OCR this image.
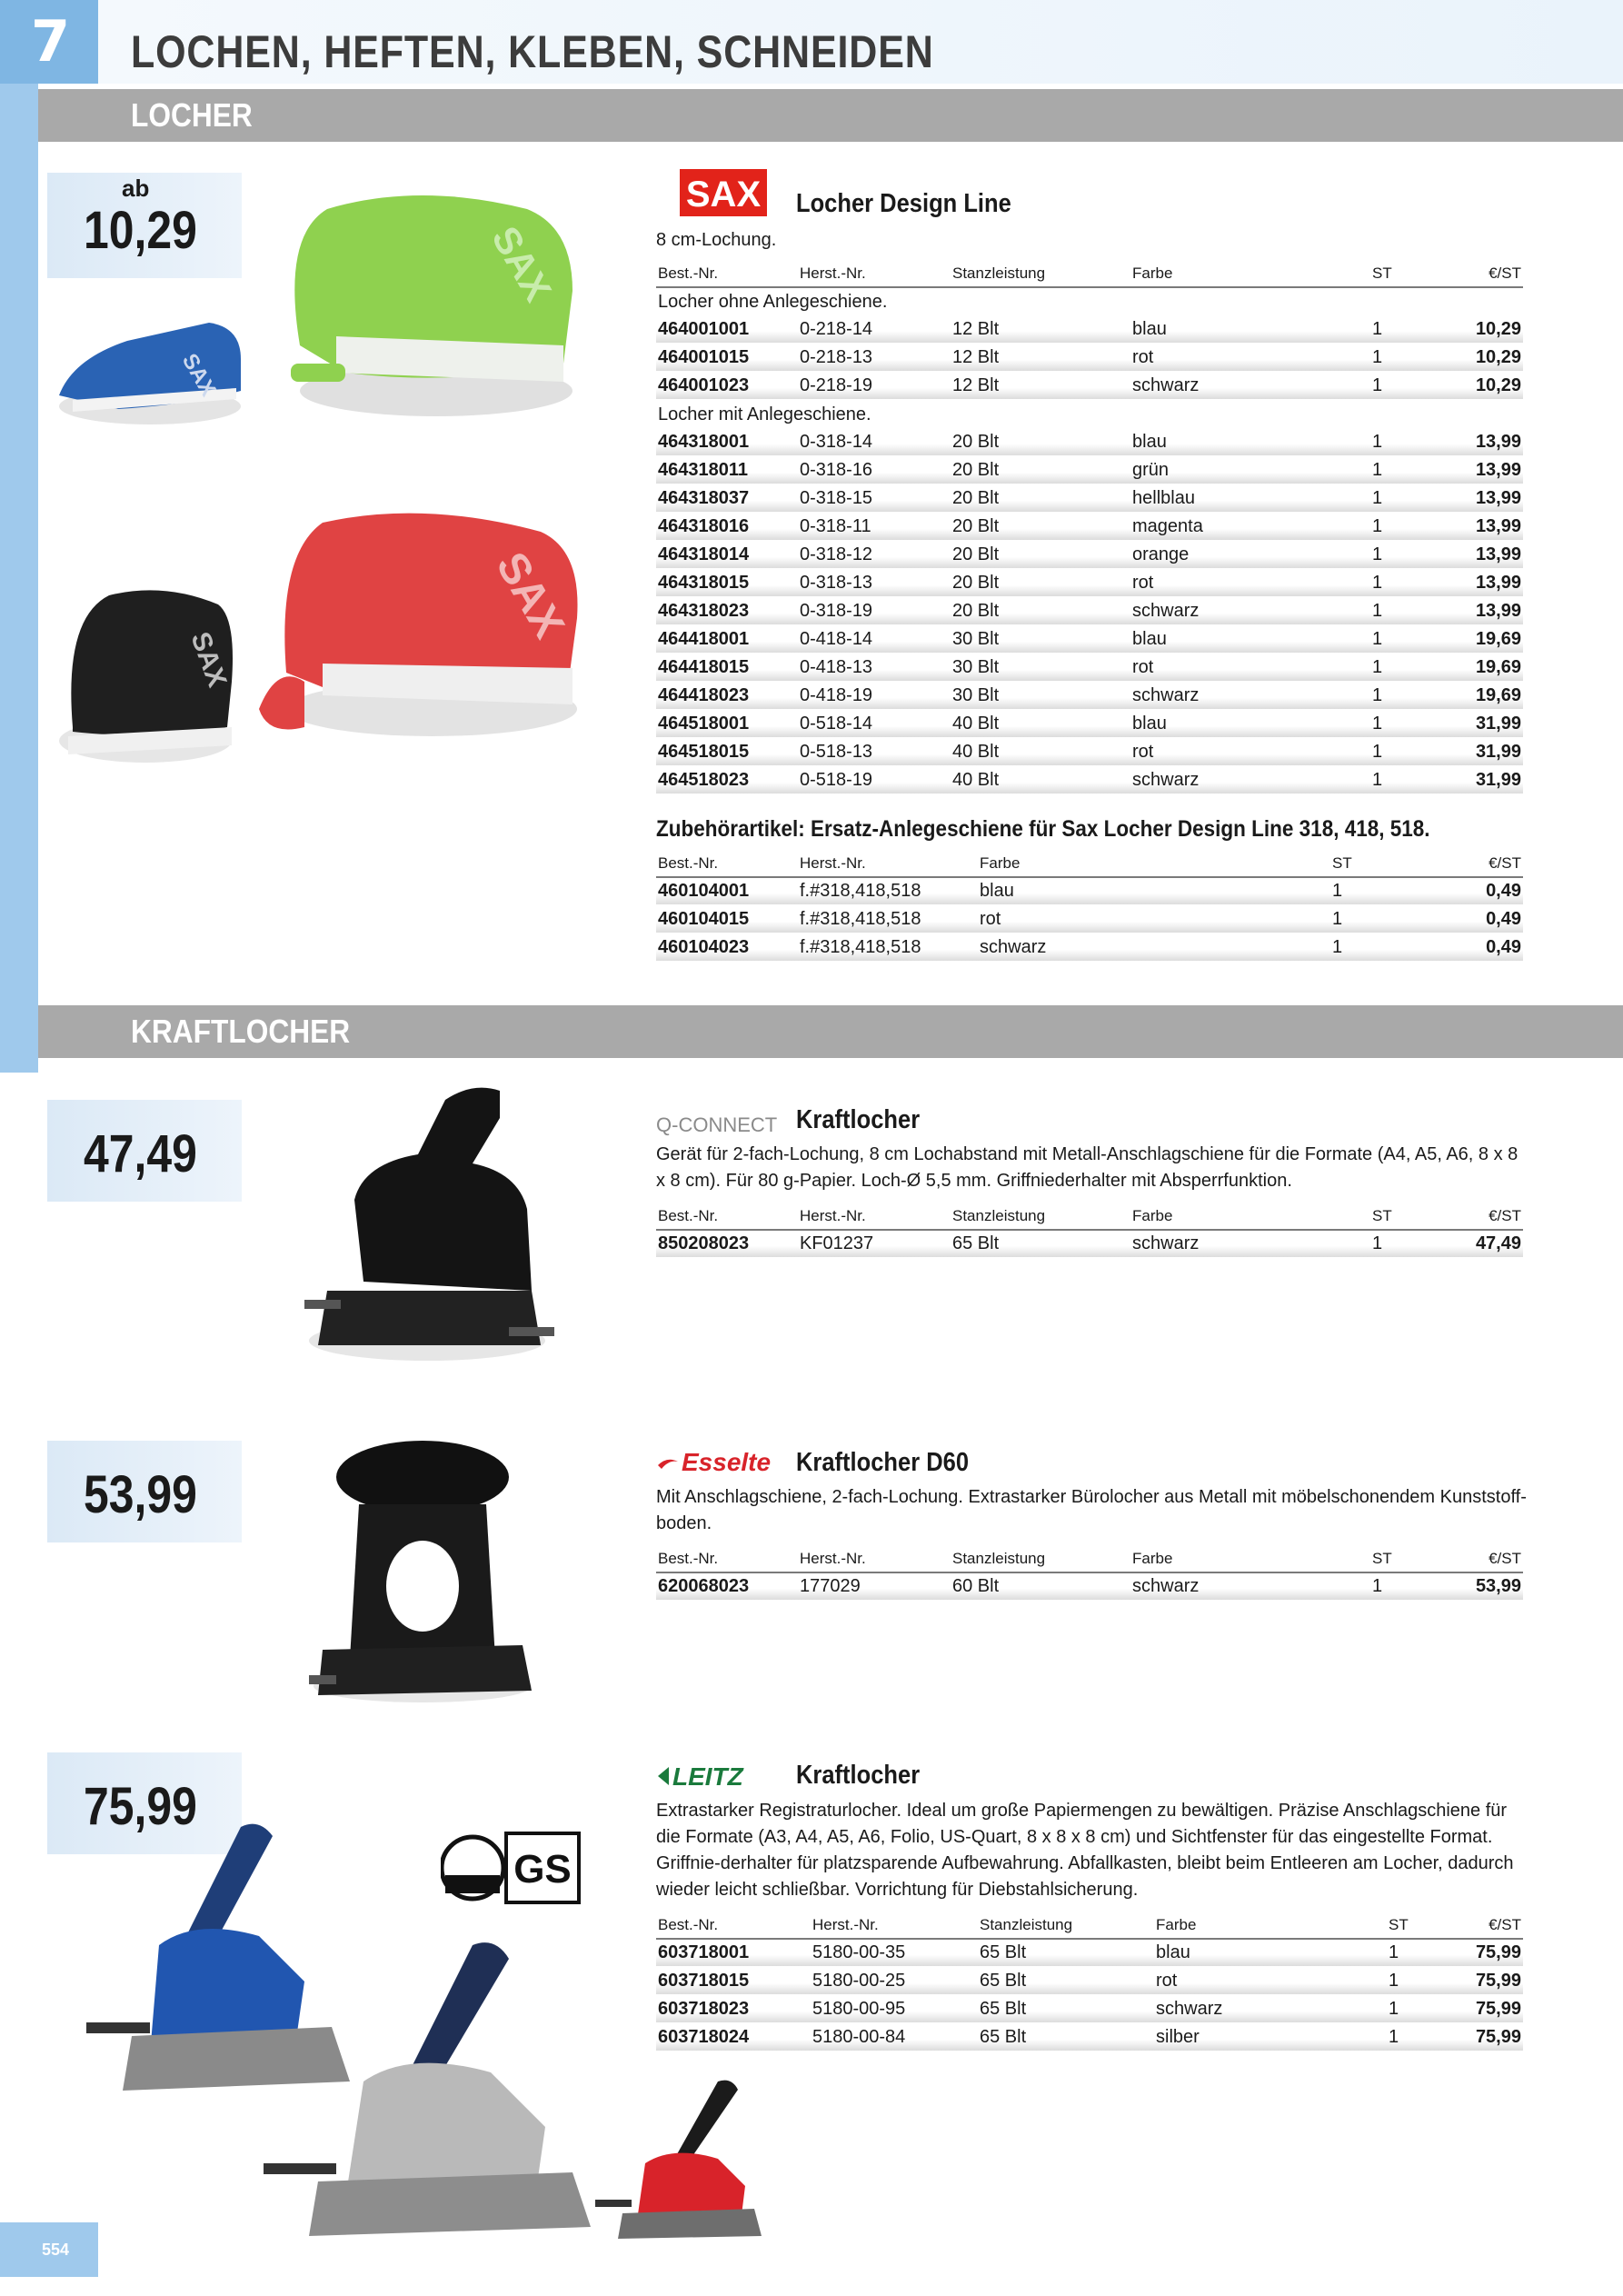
7	LOCHEN, HEFTEN, KLEBEN, SCHNEIDEN
LOCHER
KRAFTLOCHER
ab
10,29
SAX
SAX
SAX
SAX
SAX Locher Design Line
8 cm-Lochung.
Best.-Nr.	Herst.-Nr.	Stanzleistung	Farbe	ST	€/ST
Locher ohne Anlegeschiene.					
464001001	0-218-14	12 Blt	blau	1	10,29
464001015	0-218-13	12 Blt	rot	1	10,29
464001023	0-218-19	12 Blt	schwarz	1	10,29
Locher mit Anlegeschiene.					
464318001	0-318-14	20 Blt	blau	1	13,99
464318011	0-318-16	20 Blt	grün	1	13,99
464318037	0-318-15	20 Blt	hellblau	1	13,99
464318016	0-318-11	20 Blt	magenta	1	13,99
464318014	0-318-12	20 Blt	orange	1	13,99
464318015	0-318-13	20 Blt	rot	1	13,99
464318023	0-318-19	20 Blt	schwarz	1	13,99
464418001	0-418-14	30 Blt	blau	1	19,69
464418015	0-418-13	30 Blt	rot	1	19,69
464418023	0-418-19	30 Blt	schwarz	1	19,69
464518001	0-518-14	40 Blt	blau	1	31,99
464518015	0-518-13	40 Blt	rot	1	31,99
464518023	0-518-19	40 Blt	schwarz	1	31,99
Zubehörartikel: Ersatz-Anlegeschiene für Sax Locher Design Line 318, 418, 518.
Best.-Nr.	Herst.-Nr.	Farbe	ST	€/ST
460104001	f.#318,418,518	blau	1	0,49
460104015	f.#318,418,518	rot	1	0,49
460104023	f.#318,418,518	schwarz	1	0,49
47,49	Q-CONNECT Kraftlocher
Gerät für 2-fach-Lochung, 8 cm Lochabstand mit Metall-Anschlagschiene für die Formate (A4, A5, A6, 8 x 8 x 8 cm). Für 80 g-Papier. Loch-Ø 5,5 mm. Griffniederhalter mit Absperrfunktion.
Best.-Nr.	Herst.-Nr.	Stanzleistung	Farbe	ST	€/ST
850208023	KF01237	65 Blt	schwarz	1	47,49
53,99
Esselte Kraftlocher D60
Mit Anschlagschiene, 2-fach-Lochung. Extrastarker Bürolocher aus Metall mit möbelschonendem Kunststoff-boden.
Best.-Nr.	Herst.-Nr.	Stanzleistung	Farbe	ST	€/ST
620068023	177029	60 Blt	schwarz	1	53,99
75,99
GS
LEITZ Kraftlocher
Extrastarker Registraturlocher. Ideal um große Papiermengen zu bewältigen. Präzise Anschlagschiene für die Formate (A3, A4, A5, A6, Folio, US-Quart, 8 x 8 x 8 cm) und Sichtfenster für das eingestellte Format. Griffnie-derhalter für platzsparende Aufbewahrung. Abfallkasten, bleibt beim Entleeren am Locher, dadurch wieder leicht schließbar. Vorrichtung für Diebstahlsicherung.
Best.-Nr.	Herst.-Nr.	Stanzleistung	Farbe	ST	€/ST
603718001	5180-00-35	65 Blt	blau	1	75,99
603718015	5180-00-25	65 Blt	rot	1	75,99
603718023	5180-00-95	65 Blt	schwarz	1	75,99
603718024	5180-00-84	65 Blt	silber	1	75,99
554
